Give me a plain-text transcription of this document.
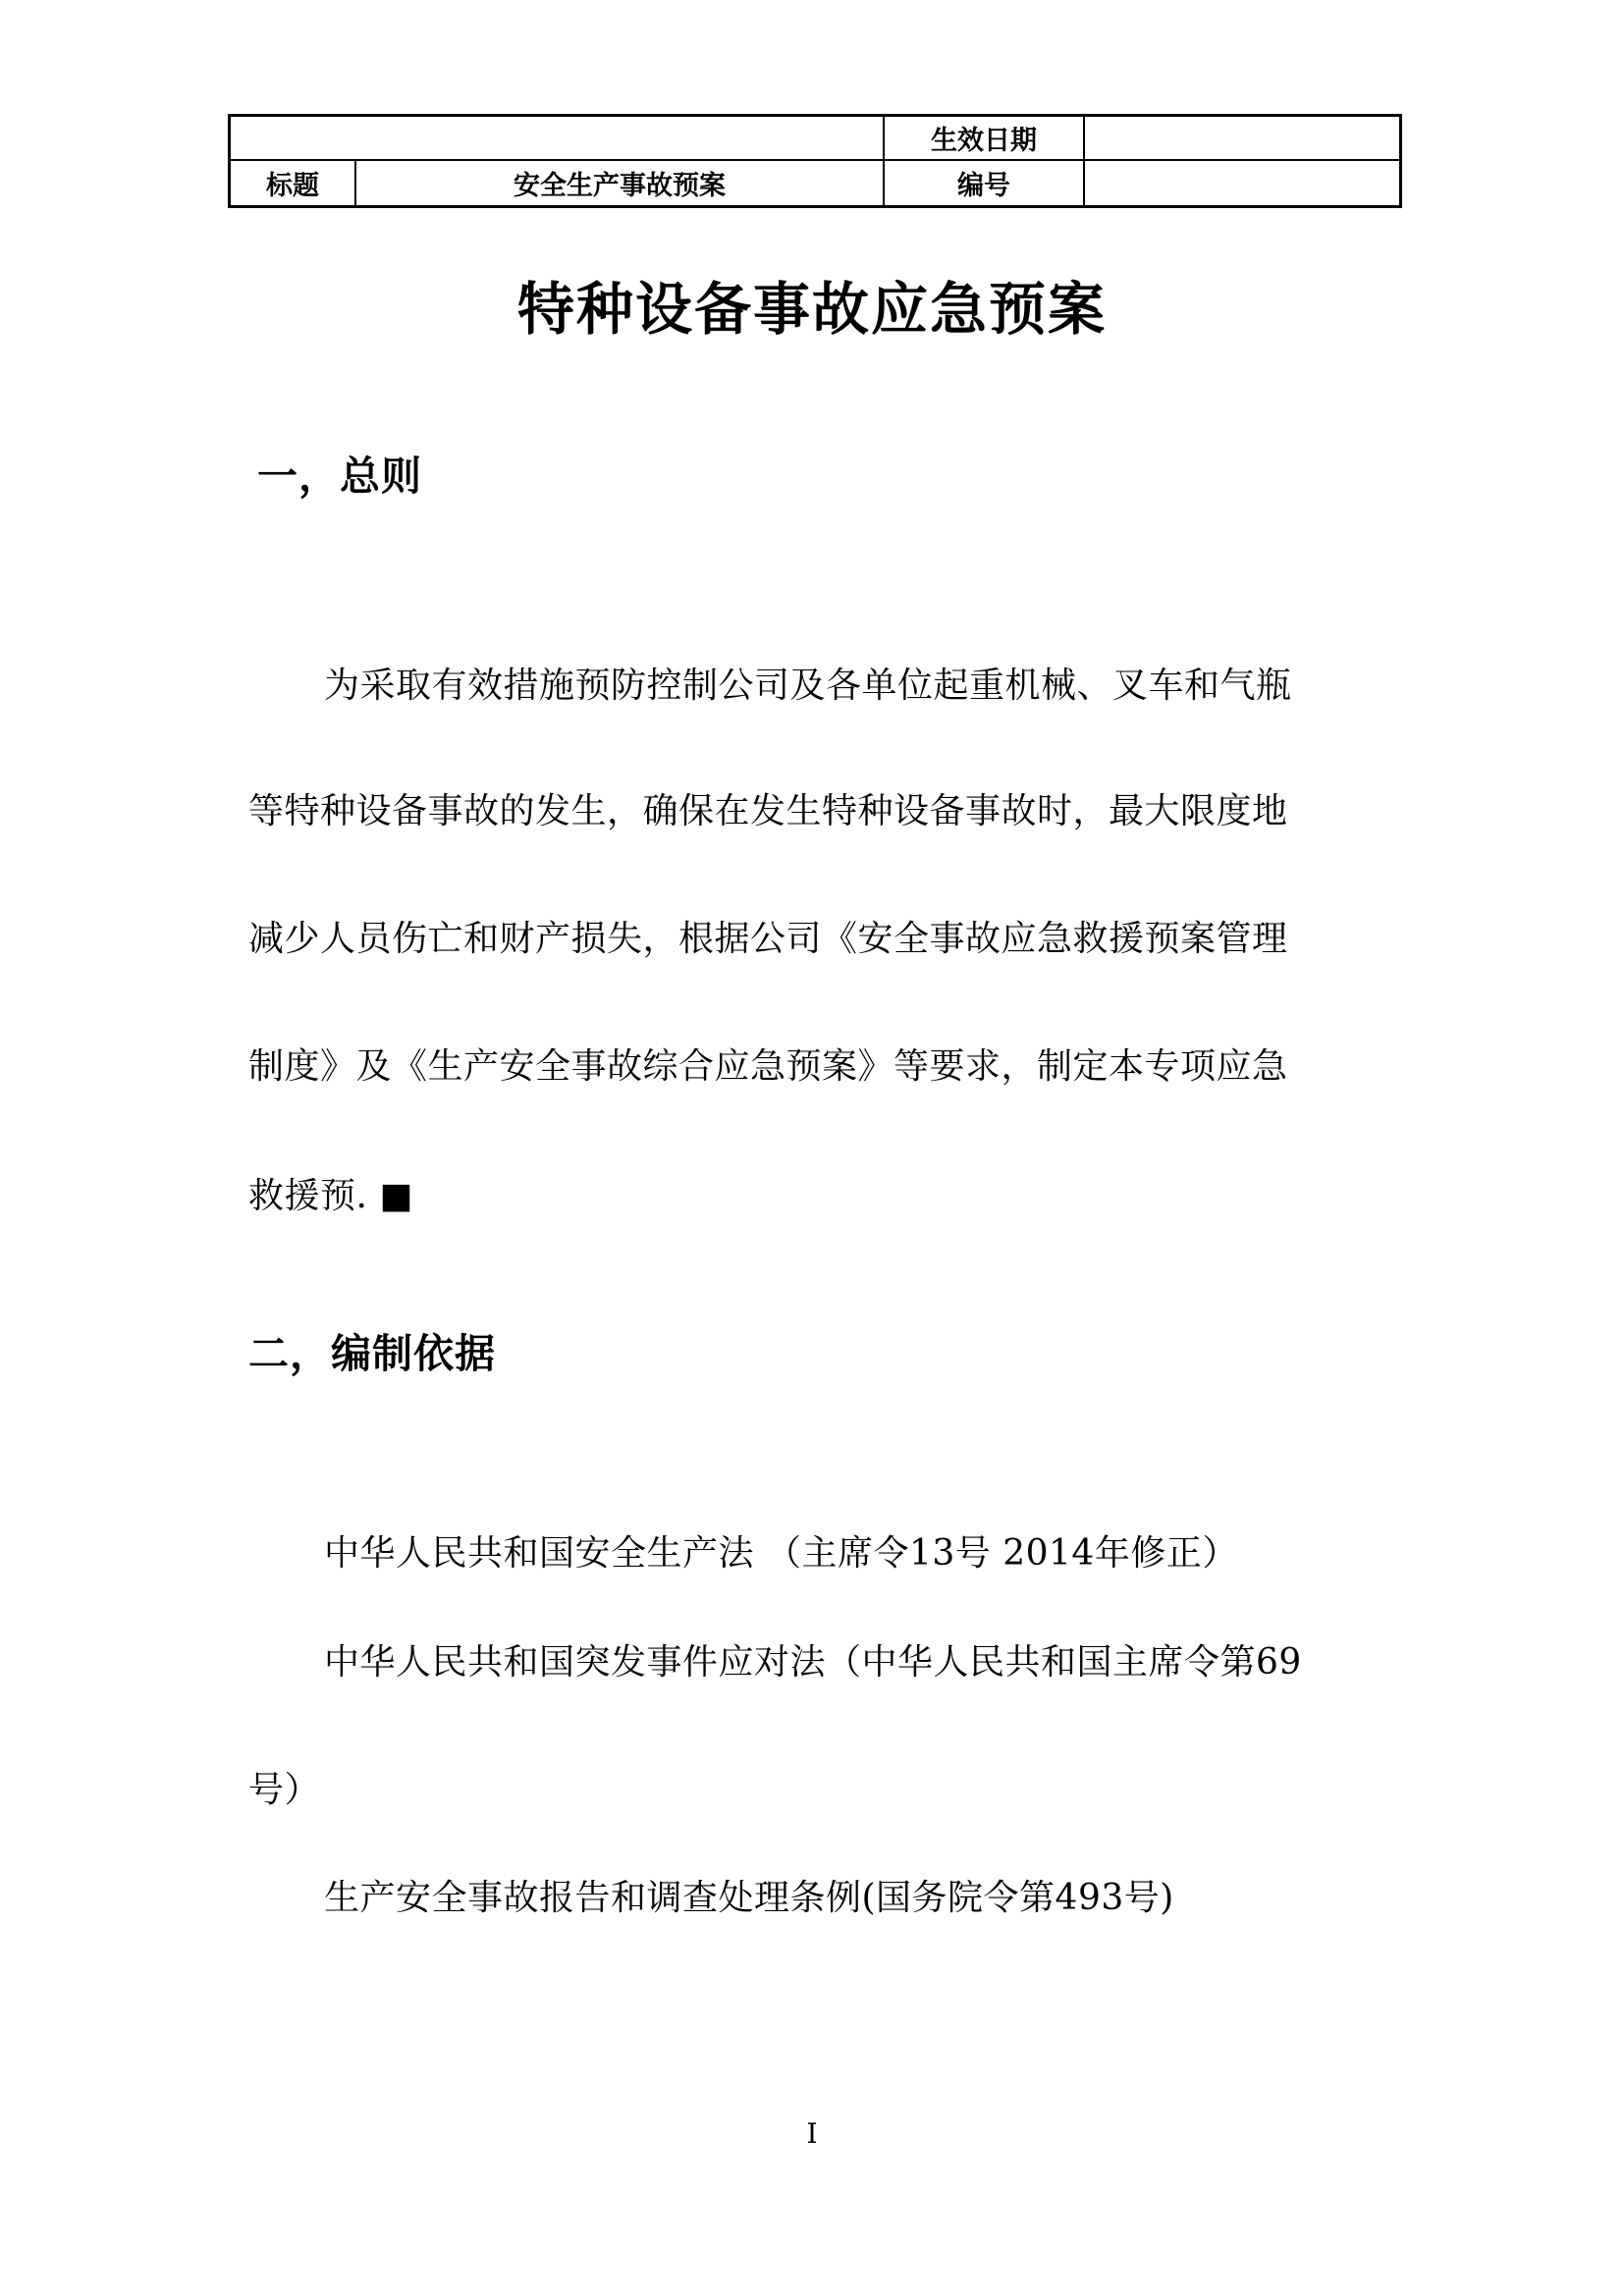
生效日期
标题	安全生产事故预案	编号
特种设备事故应急预案
一，总则
为采取有效措施预防控制公司及各单位起重机械、叉车和气瓶
等特种设备事故的发生，确保在发生特种设备事故时，最大限度地
减少人员伤亡和财产损失，根据公司《安全事故应急救援预案管理
制度》及《生产安全事故综合应急预案》等要求，制定本专项应急
救援预. ■
二，编制依据
中华人民共和国安全生产法 （主席令13号 2014年修正）
中华人民共和国突发事件应对法（中华人民共和国主席令第69
号）
生产安全事故报告和调查处理条例(国务院令第493号)
I
